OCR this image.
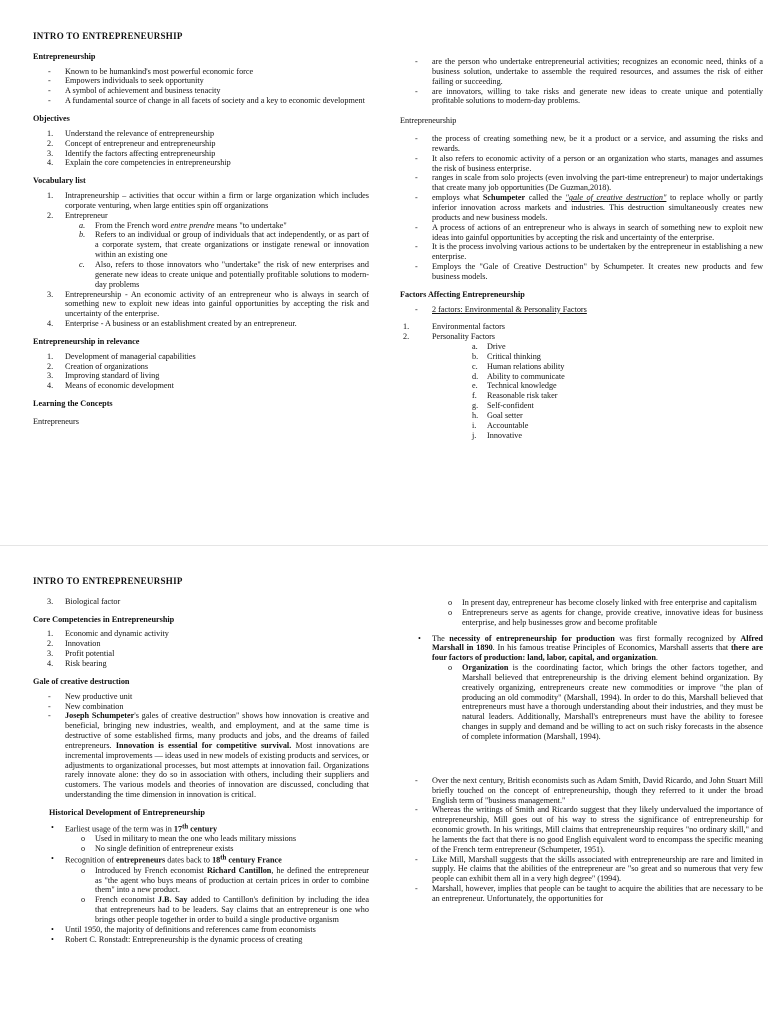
INTRO TO ENTREPRENEURSHIP
Entrepreneurship
- Known to be humankind's most powerful economic force
- Empowers individuals to seek opportunity
- A symbol of achievement and business tenacity
- A fundamental source of change in all facets of society and a key to economic development
Objectives
1. Understand the relevance of entrepreneurship
2. Concept of entrepreneur and entrepreneurship
3. Identify the factors affecting entrepreneurship
4. Explain the core competencies in entrepreneurship
Vocabulary list
1. Intrapreneurship – activities that occur within a firm or large organization which includes corporate venturing, when large entities spin off organizations
2. Entrepreneur
a. From the French word entre prendre means "to undertake"
b. Refers to an individual or group of individuals that act independently, or as part of a corporate system, that create organizations or instigate renewal or innovation within an existing one
c. Also, refers to those innovators who "undertake" the risk of new enterprises and generate new ideas to create unique and potentially profitable solutions to modern-day problems
3. Entrepreneurship - An economic activity of an entrepreneur who is always in search of something new to exploit new ideas into gainful opportunities by accepting the risk and uncertainty of the enterprise.
4. Enterprise - A business or an establishment created by an entrepreneur.
Entrepreneurship in relevance
1. Development of managerial capabilities
2. Creation of organizations
3. Improving standard of living
4. Means of economic development
Learning the Concepts
Entrepreneurs
- are the person who undertake entrepreneurial activities; recognizes an economic need, thinks of a business solution, undertake to assemble the required resources, and assumes the risk of either failing or succeeding.
- are innovators, willing to take risks and generate new ideas to create unique and potentially profitable solutions to modern-day problems.
Entrepreneurship
- the process of creating something new, be it a product or a service, and assuming the risks and rewards.
- It also refers to economic activity of a person or an organization who starts, manages and assumes the risk of business enterprise.
- ranges in scale from solo projects (even involving the part-time entrepreneur) to major undertakings that create many job opportunities (De Guzman,2018).
- employs what Schumpeter called the "gale of creative destruction" to replace wholly or partly inferior innovation across markets and industries. This destruction simultaneously creates new products and new business models.
- A process of actions of an entrepreneur who is always in search of something new to exploit new ideas into gainful opportunities by accepting the risk and uncertainty of the enterprise.
- It is the process involving various actions to be undertaken by the entrepreneur in establishing a new enterprise.
- Employs the "Gale of Creative Destruction" by Schumpeter. It creates new products and few business models.
Factors Affecting Entrepreneurship
- 2 factors: Environmental & Personality Factors
1.	Environmental factors
2.	Personality Factors
a. Drive
b. Critical thinking
c. Human relations ability
d. Ability to communicate
e. Technical knowledge
f. Reasonable risk taker
g. Self-confident
h. Goal setter
i. Accountable
j. Innovative
INTRO TO ENTREPRENEURSHIP
3. Biological factor
Core Competencies in Entrepreneurship
1. Economic and dynamic activity
2. Innovation
3. Profit potential
4. Risk bearing
Gale of creative destruction
- New productive unit
- New combination
- Joseph Schumpeter's gales of creative destruction" shows how innovation is creative and beneficial, bringing new industries, wealth, and employment, and at the same time is destructive of some established firms, many products and jobs, and the dreams of failed entrepreneurs. Innovation is essential for competitive survival. Most innovations are incremental improvements — ideas used in new models of existing products and services, or adjustments to organizational processes, but most attempts at innovation fail. Organizations rarely innovate alone: they do so in association with others, including their suppliers and customers. The various models and theories of innovation are discussed, concluding that understanding the time dimension in innovation is critical.
Historical Development of Entrepreneurship
• Earliest usage of the term was in 17th century
o Used in military to mean the one who leads military missions
o No single definition of entrepreneur exists
• Recognition of entrepreneurs dates back to 18th century France
o Introduced by French economist Richard Cantillon, he defined the entrepreneur as "the agent who buys means of production at certain prices in order to combine them" into a new product.
o French economist J.B. Say added to Cantillon's definition by including the idea that entrepreneurs had to be leaders. Say claims that an entrepreneur is one who brings other people together in order to build a single productive organism
• Until 1950, the majority of definitions and references came from economists
• Robert C. Ronstadt: Entrepreneurship is the dynamic process of creating
o In present day, entrepreneur has become closely linked with free enterprise and capitalism
o Entrepreneurs serve as agents for change, provide creative, innovative ideas for business enterprise, and help businesses grow and become profitable
• The necessity of entrepreneurship for production was first formally recognized by Alfred Marshall in 1890. In his famous treatise Principles of Economics, Marshall asserts that there are four factors of production: land, labor, capital, and organization.
o Organization is the coordinating factor, which brings the other factors together, and Marshall believed that entrepreneurship is the driving element behind organization. By creatively organizing, entrepreneurs create new commodities or improve "the plan of producing an old commodity" (Marshall, 1994). In order to do this, Marshall believed that entrepreneurs must have a thorough understanding about their industries, and they must be natural leaders. Additionally, Marshall's entrepreneurs must have the ability to foresee changes in supply and demand and be willing to act on such risky forecasts in the absence of complete information (Marshall, 1994).
- Over the next century, British economists such as Adam Smith, David Ricardo, and John Stuart Mill briefly touched on the concept of entrepreneurship, though they referred to it under the broad English term of "business management."
- Whereas the writings of Smith and Ricardo suggest that they likely undervalued the importance of entrepreneurship, Mill goes out of his way to stress the significance of entrepreneurship for economic growth. In his writings, Mill claims that entrepreneurship requires "no ordinary skill," and he laments the fact that there is no good English equivalent word to encompass the specific meaning of the French term entrepreneur (Schumpeter, 1951).
- Like Mill, Marshall suggests that the skills associated with entrepreneurship are rare and limited in supply. He claims that the abilities of the entrepreneur are "so great and so numerous that very few people can exhibit them all in a very high degree" (1994).
- Marshall, however, implies that people can be taught to acquire the abilities that are necessary to be an entrepreneur. Unfortunately, the opportunities for
